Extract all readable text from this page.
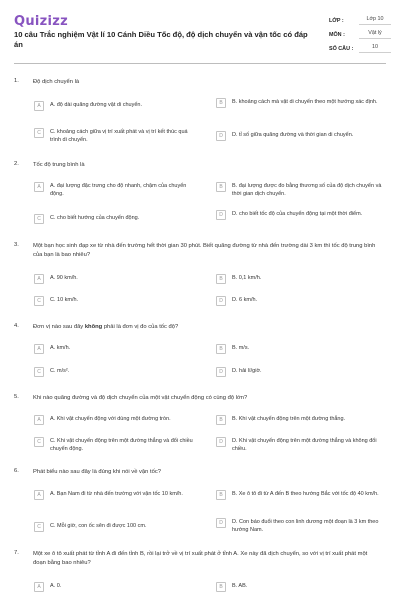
Quizizz
10 câu Trắc nghiệm Vật lí 10 Cánh Diều Tốc độ, độ dịch chuyển và vận tốc có đáp án
LỚP :	Lớp 10
MÔN :	Vật lý
SỐ CÂU :	10
1. Độ dịch chuyển là
A	A. độ dài quãng đường vật di chuyển.	B	B. khoảng cách mà vật di chuyển theo một hướng xác định.
C	C. khoảng cách giữa vị trí xuất phát và vị trí kết thúc quá trình di chuyển.
D	D. tỉ số giữa quãng đường và thời gian di chuyển.
2. Tốc độ trung bình là
A	A. đại lượng đặc trưng cho độ nhanh, chậm của chuyển động.
B	B. đại lượng được đo bằng thương số của độ dịch chuyển và thời gian dịch chuyển.
C	C. cho biết hướng của chuyển động.	D	D. cho biết tốc độ của chuyển động tại một thời điểm.
3. Một bạn học sinh đạp xe từ nhà đến trường hết thời gian 30 phút. Biết quãng đường từ nhà đến trường dài 3 km thì tốc độ trung bình của bạn là bao nhiêu?
A	A. 90 km/h.	B	B. 0,1 km/h.
C	C. 10 km/h.	D	D. 6 km/h.
4. Đơn vị nào sau đây không phải là đơn vị đo của tốc độ?
A	A. km/h.	B	B. m/s.
C	C. m/s².	D	D. hải lí/giờ.
5. Khi nào quãng đường và độ dịch chuyển của một vật chuyển động có cùng độ lớn?
A	A. Khi vật chuyển động với dùng một đường tròn.	B	B. Khi vật chuyển động trên một đường thẳng.
C	C. Khi vật chuyển động trên một đường thẳng và đổi chiều chuyển động.
D	D. Khi vật chuyển động trên một đường thẳng và không đổi chiều.
6. Phát biểu nào sau đây là đúng khi nói về vận tốc?
A	A. Bạn Nam đi từ nhà đến trường với vận tốc 10 km/h.	B	B. Xe ô tô đi từ A đến B theo hướng Bắc với tốc độ 40 km/h.
C	C. Mỗi giờ, con ốc sên đi được 100 cm.	D	D. Con báo đuổi theo con linh dương một đoạn là 3 km theo hướng Nam.
7. Một xe ô tô xuất phát từ tỉnh A đi đến tỉnh B, rồi lại trở về vị trí xuất phát ở tỉnh A. Xe này đã dịch chuyển, so với vị trí xuất phát một đoạn bằng bao nhiêu?
A	A. 0.	B	B. AB.
